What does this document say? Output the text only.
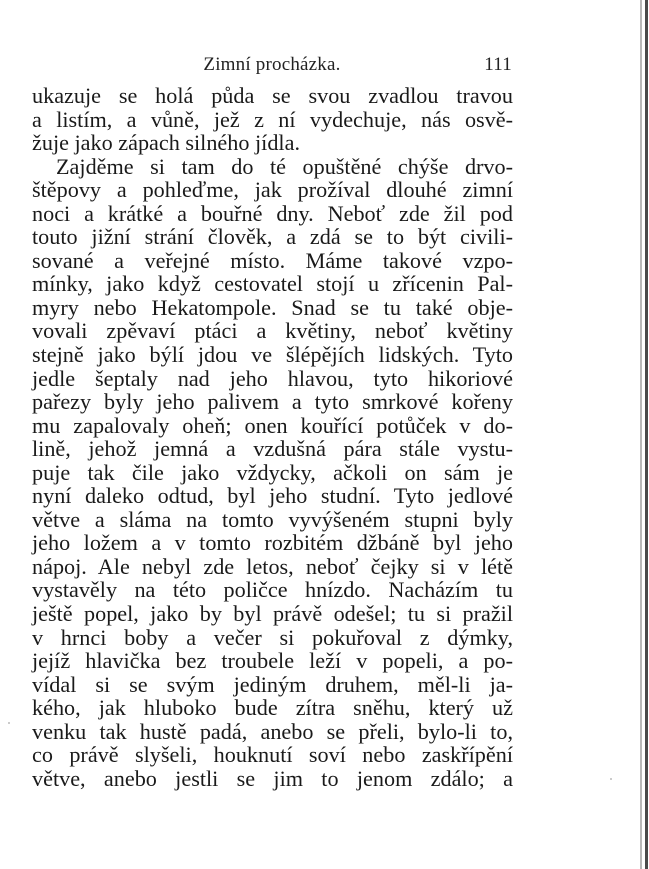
Zimní procházka.	111
ukazuje se holá půda se svou zvadlou travou
a listím, a vůně, jež z ní vydechuje, nás osvě-
žuje jako zápach silného jídla.
Zajděme si tam do té opuštěné chýše drvo-
štěpovy a pohleďme, jak prožíval dlouhé zimní
noci a krátké a bouřné dny. Neboť zde žil pod
touto jižní strání člověk, a zdá se to být civili-
sované a veřejné místo. Máme takové vzpo-
mínky, jako když cestovatel stojí u zřícenin Pal-
myry nebo Hekatompole. Snad se tu také obje-
vovali zpěvaví ptáci a květiny, neboť květiny
stejně jako býlí jdou ve šlépějích lidských. Tyto
jedle šeptaly nad jeho hlavou, tyto hikoriové
pařezy byly jeho palivem a tyto smrkové kořeny
mu zapalovaly oheň; onen kouřící potůček v do-
lině, jehož jemná a vzdušná pára stále vystu-
puje tak čile jako vždycky, ačkoli on sám je
nyní daleko odtud, byl jeho studní. Tyto jedlové
větve a sláma na tomto vyvýšeném stupni byly
jeho ložem a v tomto rozbitém džbáně byl jeho
nápoj. Ale nebyl zde letos, neboť čejky si v létě
vystavěly na této poličce hnízdo. Nacházím tu
ještě popel, jako by byl právě odešel; tu si pražil
v hrnci boby a večer si pokuřoval z dýmky,
jejíž hlavička bez troubele leží v popeli, a po-
vídal si se svým jediným druhem, měl-li ja-
kého, jak hluboko bude zítra sněhu, který už
venku tak hustě padá, anebo se přeli, bylo-li to,
co právě slyšeli, houknutí soví nebo zaskřípění
větve, anebo jestli se jim to jenom zdálo; a
